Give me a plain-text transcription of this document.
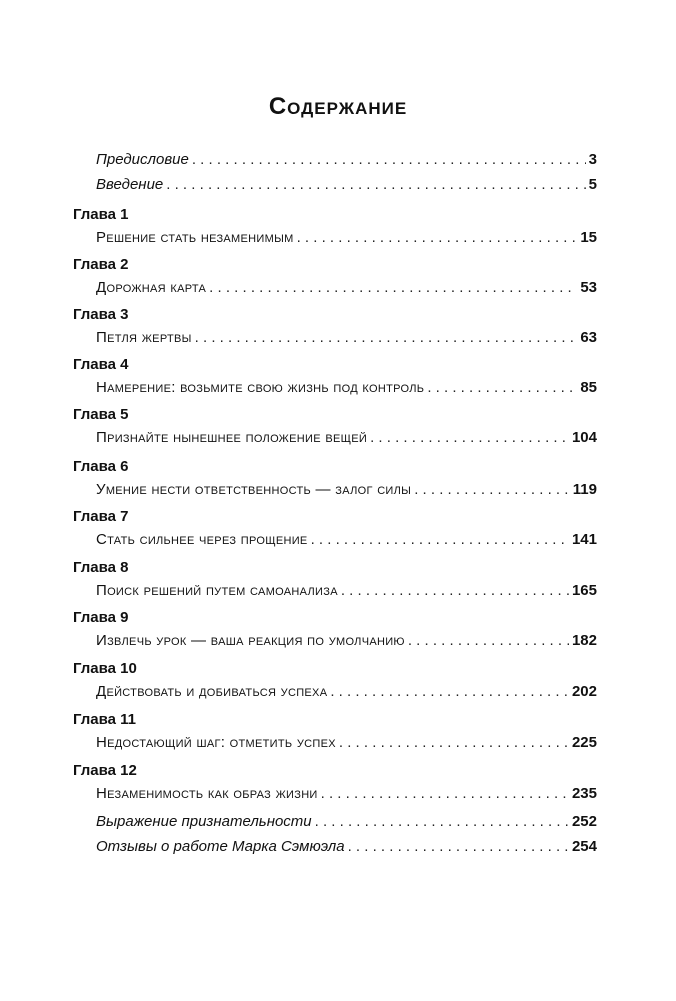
Содержание
Предисловие . . .	3
Введение . . .	5
Глава 1
Решение стать незаменимым . . .	15
Глава 2
Дорожная карта . . .	53
Глава 3
Петля жертвы . . .	63
Глава 4
Намерение: возьмите свою жизнь под контроль . . .	85
Глава 5
Признайте нынешнее положение вещей . . .	104
Глава 6
Умение нести ответственность — залог силы . . .	119
Глава 7
Стать сильнее через прощение . . .	141
Глава 8
Поиск решений путем самоанализа . . .	165
Глава 9
Извлечь урок — ваша реакция по умолчанию . . .	182
Глава 10
Действовать и добиваться успеха . . .	202
Глава 11
Недостающий шаг: отметить успех . . .	225
Глава 12
Незаменимость как образ жизни . . .	235
Выражение признательности . . .	252
Отзывы о работе Марка Сэмюэла . . .	254
